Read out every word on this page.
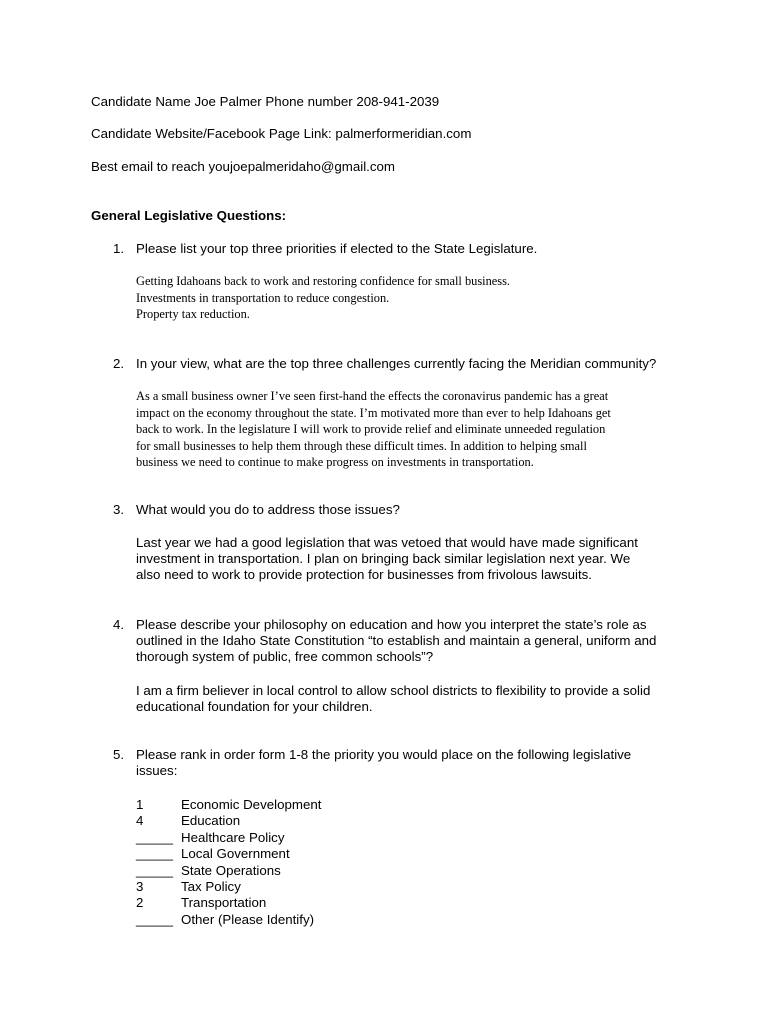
Candidate Name Joe Palmer Phone number 208-941-2039
Candidate Website/Facebook Page Link: palmerformeridian.com
Best email to reach youjoepalmeridaho@gmail.com
General Legislative Questions:
1. Please list your top three priorities if elected to the State Legislature.

Getting Idahoans back to work and restoring confidence for small business.

Investments in transportation to reduce congestion.

Property tax reduction.

2. In your view, what are the top three challenges currently facing the Meridian community?

As a small business owner I’ve seen first-hand the effects the coronavirus pandemic has a great

impact on the economy throughout the state. I’m motivated more than ever to help Idahoans get

back to work. In the legislature I will work to provide relief and eliminate unneeded regulation

for small businesses to help them through these difficult times. In addition to helping small

business we need to continue to make progress on investments in transportation.

3. What would you do to address those issues?

Last year we had a good legislation that was vetoed that would have made significant

investment in transportation. I plan on bringing back similar legislation next year. We

also need to work to provide protection for businesses from frivolous lawsuits.

4. Please describe your philosophy on education and how you interpret the state’s role as

outlined in the Idaho State Constitution “to establish and maintain a general, uniform and

thorough system of public, free common schools”?

I am a firm believer in local control to allow school districts to flexibility to provide a solid

educational foundation for your children.

5. Please rank in order form 1-8 the priority you would place on the following legislative

issues:

1	Economic Development
4	Education
_____ Healthcare Policy
_____ Local Government
_____ State Operations
3	Tax Policy
2	Transportation
_____ Other (Please Identify)
